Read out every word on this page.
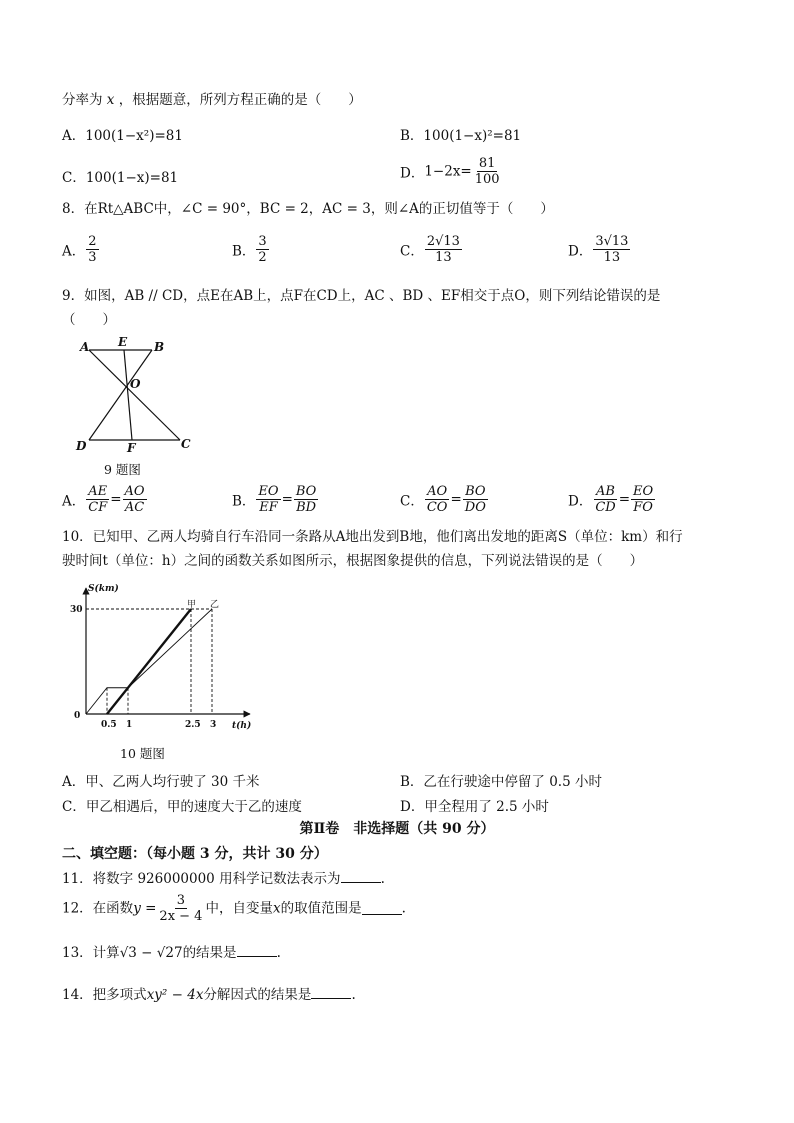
分率为 x ，根据题意，所列方程正确的是（　　）
A．100(1−x²)=81	B．100(1−x)²=81
C．100(1−x)=81	D．$1-2x= \frac{81}{100}$
8．在Rt△ABC中，∠C = 90°，BC = 2，AC = 3，则∠A的正切值等于（　　）
A． $\frac{2}{3}$	B． $\frac{3}{2}$	C． $\frac{2√13}{13}$	D． $\frac{3√13}{13}$
9．如图，AB // CD，点E在AB上，点F在CD上，AC 、BD 、EF相交于点O，则下列结论错误的是
（　　）
A E B
O
D	F	C
9 题图
A． $\frac{AE}{CF} = \frac{AO}{AC}$	B． $\frac{EO}{EF} = \frac{BO}{BD}$	C． $\frac{AO}{CO} = \frac{BO}{DO}$	D． $\frac{AB}{CD} = \frac{EO}{FO}$
10．已知甲、乙两人均骑自行车沿同一条路从A地出发到B地，他们离出发地的距离S（单位：km）和行
驶时间t（单位：h）之间的函数关系如图所示，根据图象提供的信息，下列说法错误的是（　　）
S(km)
t(h)
0
30
0.5 1	2.5 3
甲 乙
10 题图
A．甲、乙两人均行驶了 30 千米	B．乙在行驶途中停留了 0.5 小时
C．甲乙相遇后，甲的速度大于乙的速度	D．甲全程用了 2.5 小时
第Ⅱ卷　非选择题（共 90 分）
二、填空题：（每小题 3 分，共计 30 分）
11．将数字 926000000 用科学记数法表示为	.
12．在函数$y = \frac{3}{2x - 4}$ 中，自变量x的取值范围是	.
13．计算√3 − √27的结果是	.
14．把多项式xy² − 4x分解因式的结果是	.
